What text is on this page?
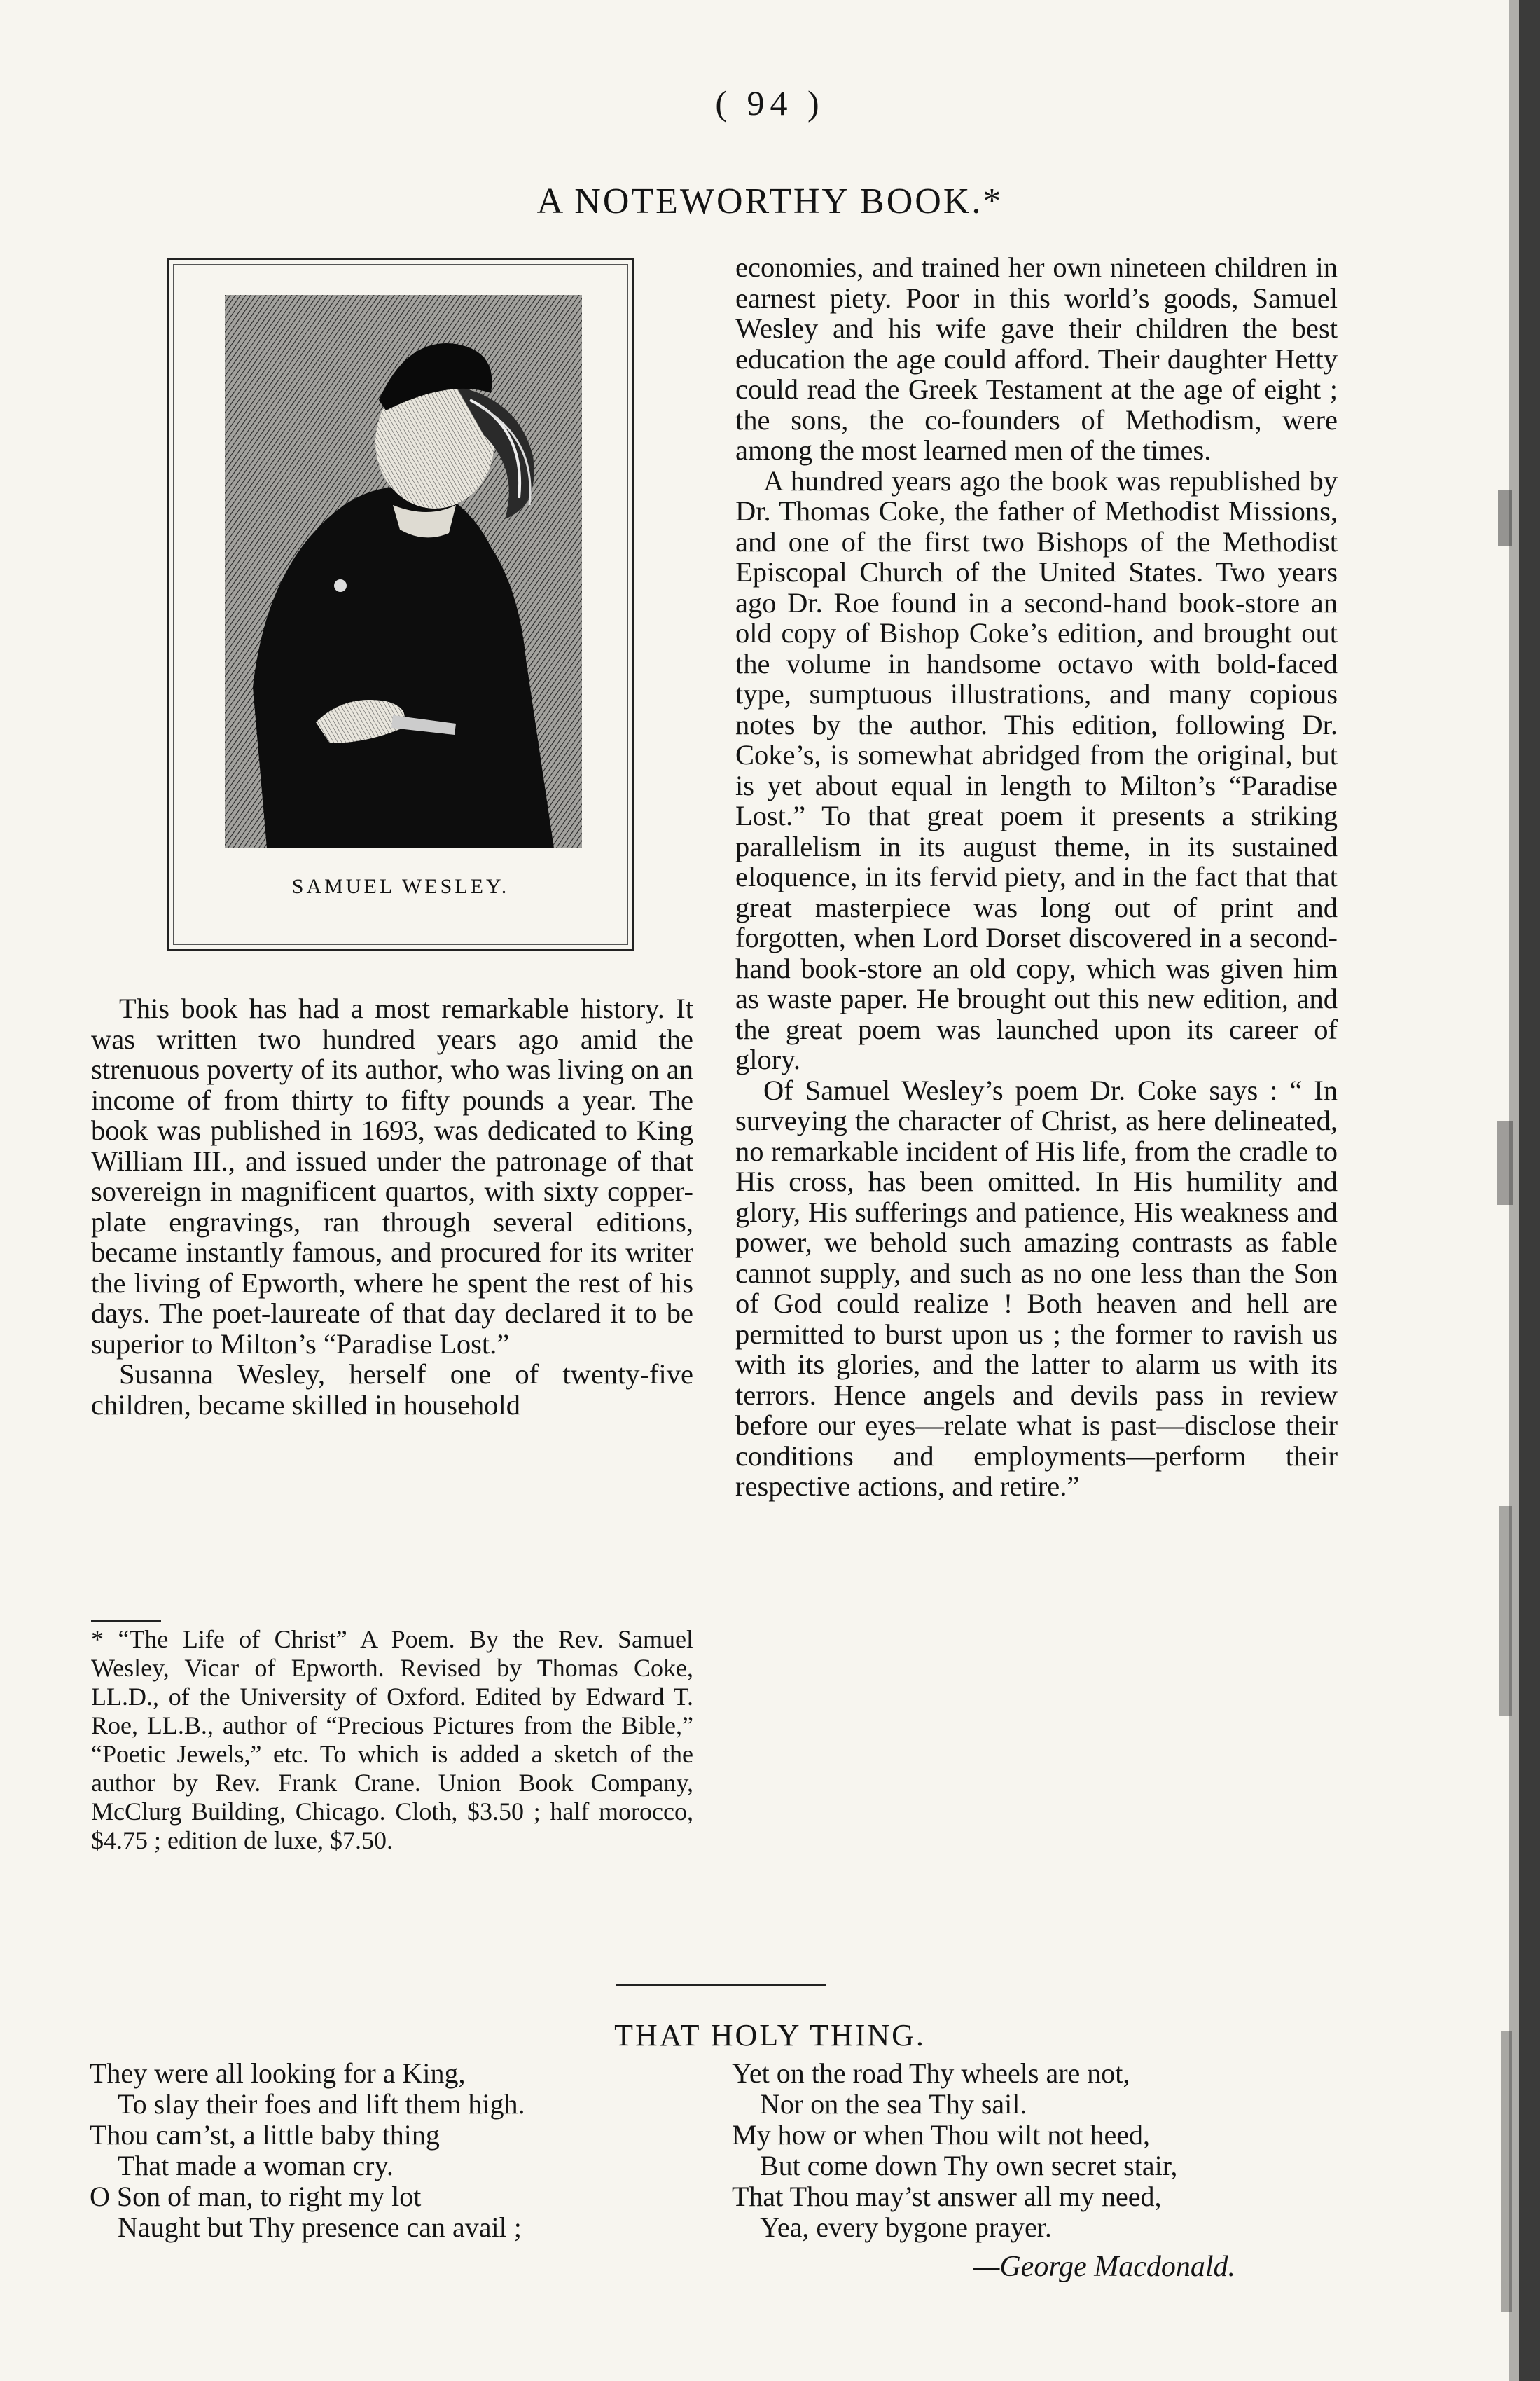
( 94 )
A NOTEWORTHY BOOK.*
SAMUEL WESLEY.

This book has had a most remarkable history. It was written two hundred years ago amid the strenuous poverty of its author, who was living on an income of from thirty to fifty pounds a year. The book was published in 1693, was dedicated to King William III., and issued under the patronage of that sovereign in magnificent quartos, with sixty copper-plate engravings, ran through several editions, became instantly famous, and procured for its writer the living of Epworth, where he spent the rest of his days. The poet-laureate of that day declared it to be superior to Milton’s “Paradise Lost.”

Susanna Wesley, herself one of twenty-five children, became skilled in household

* “The Life of Christ” A Poem. By the Rev. Samuel Wesley, Vicar of Epworth. Revised by Thomas Coke, LL.D., of the University of Oxford. Edited by Edward T. Roe, LL.B., author of “Precious Pictures from the Bible,” “Poetic Jewels,” etc. To which is added a sketch of the author by Rev. Frank Crane. Union Book Company, McClurg Building, Chicago. Cloth, $3.50 ; half morocco, $4.75 ; edition de luxe, $7.50.

economies, and trained her own nineteen children in earnest piety. Poor in this world’s goods, Samuel Wesley and his wife gave their children the best education the age could afford. Their daughter Hetty could read the Greek Testament at the age of eight ; the sons, the co-founders of Methodism, were among the most learned men of the times.

A hundred years ago the book was republished by Dr. Thomas Coke, the father of Methodist Missions, and one of the first two Bishops of the Methodist Episcopal Church of the United States. Two years ago Dr. Roe found in a second-hand book-store an old copy of Bishop Coke’s edition, and brought out the volume in handsome octavo with bold-faced type, sumptuous illustrations, and many copious notes by the author. This edition, following Dr. Coke’s, is somewhat abridged from the original, but is yet about equal in length to Milton’s “Paradise Lost.” To that great poem it presents a striking parallelism in its august theme, in its sustained eloquence, in its fervid piety, and in the fact that that great masterpiece was long out of print and forgotten, when Lord Dorset discovered in a second-hand book-store an old copy, which was given him as waste paper. He brought out this new edition, and the great poem was launched upon its career of glory.

Of Samuel Wesley’s poem Dr. Coke says : “ In surveying the character of Christ, as here delineated, no remarkable incident of His life, from the cradle to His cross, has been omitted. In His humility and glory, His sufferings and patience, His weakness and power, we behold such amazing contrasts as fable cannot supply, and such as no one less than the Son of God could realize ! Both heaven and hell are permitted to burst upon us ; the former to ravish us with its glories, and the latter to alarm us with its terrors. Hence angels and devils pass in review before our eyes—relate what is past—disclose their conditions and employments—perform their respective actions, and retire.”

THAT HOLY THING.
They were all looking for a King,
To slay their foes and lift them high.
Thou cam’st, a little baby thing
That made a woman cry.
O Son of man, to right my lot
Naught but Thy presence can avail ;
Yet on the road Thy wheels are not,
Nor on the sea Thy sail.
My how or when Thou wilt not heed,
But come down Thy own secret stair,
That Thou may’st answer all my need,
Yea, every bygone prayer.
—George Macdonald.
